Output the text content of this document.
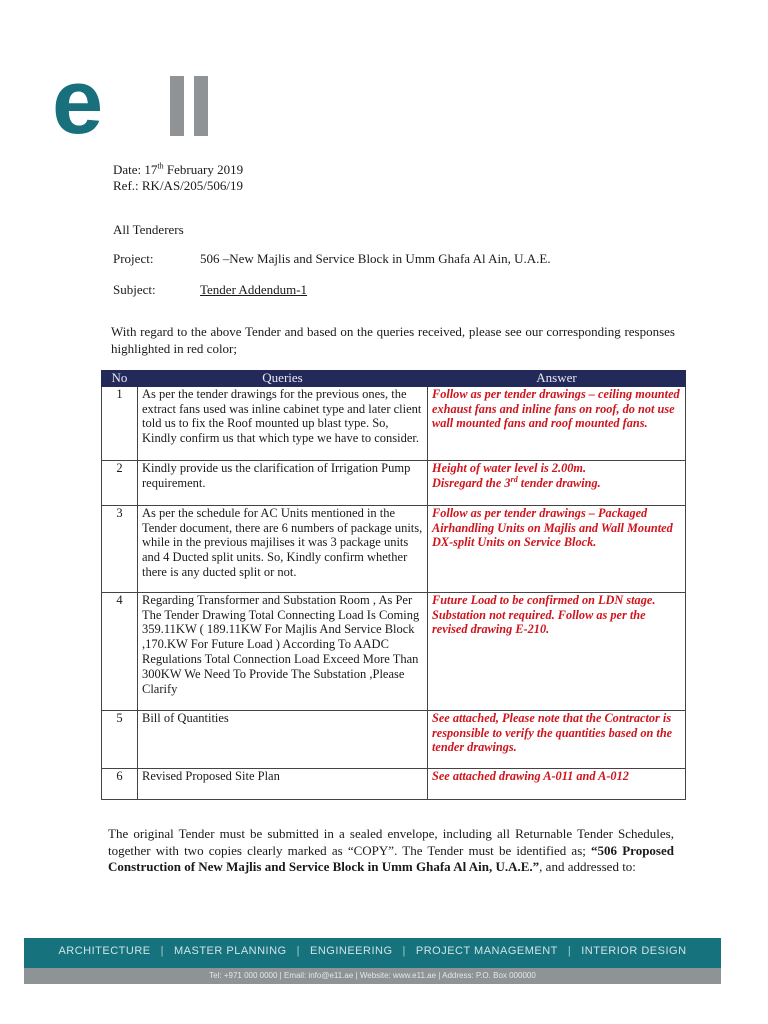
e
Date: 17th February 2019
Ref.: RK/AS/205/506/19
All Tenderers
Project:	506 –New Majlis and Service Block in Umm Ghafa Al Ain, U.A.E.
Subject:	Tender Addendum-1
With regard to the above Tender and based on the queries received, please see our corresponding responses highlighted in red color;
No	Queries	Answer
1	As per the tender drawings for the previous ones, the extract fans used was inline cabinet type and later client told us to fix the Roof mounted up blast type. So, Kindly confirm us that which type we have to consider.	Follow as per tender drawings – ceiling mounted exhaust fans and inline fans on roof, do not use wall mounted fans and roof mounted fans.
2	Kindly provide us the clarification of Irrigation Pump requirement.	Height of water level is 2.00m.
Disregard the 3rd tender drawing.

3	As per the schedule for AC Units mentioned in the Tender document, there are 6 numbers of package units, while in the previous majilises it was 3 package units and 4 Ducted split units. So, Kindly confirm whether there is any ducted split or not.	Follow as per tender drawings – Packaged Airhandling Units on Majlis and Wall Mounted DX-split Units on Service Block.
4	Regarding Transformer and Substation Room , As Per The Tender Drawing Total Connecting Load Is Coming 359.11KW ( 189.11KW For Majlis And Service Block ,170.KW For Future Load ) According To AADC Regulations Total Connection Load Exceed More Than 300KW We Need To Provide The Substation ,Please Clarify	Future Load to be confirmed on LDN stage. Substation not required. Follow as per the revised drawing E-210.
5	Bill of Quantities	See attached, Please note that the Contractor is responsible to verify the quantities based on the tender drawings.
6	Revised Proposed Site Plan	See attached drawing A-011 and A-012
The original Tender must be submitted in a sealed envelope, including all Returnable Tender Schedules, together with two copies clearly marked as “COPY”. The Tender must be identified as; “506 Proposed Construction of New Majlis and Service Block in Umm Ghafa Al Ain, U.A.E.”, and addressed to:
ARCHITECTURE | MASTER PLANNING | ENGINEERING | PROJECT MANAGEMENT | INTERIOR DESIGN
Tel: +971 000 0000 | Email: info@e11.ae | Website: www.e11.ae | Address: P.O. Box 000000
